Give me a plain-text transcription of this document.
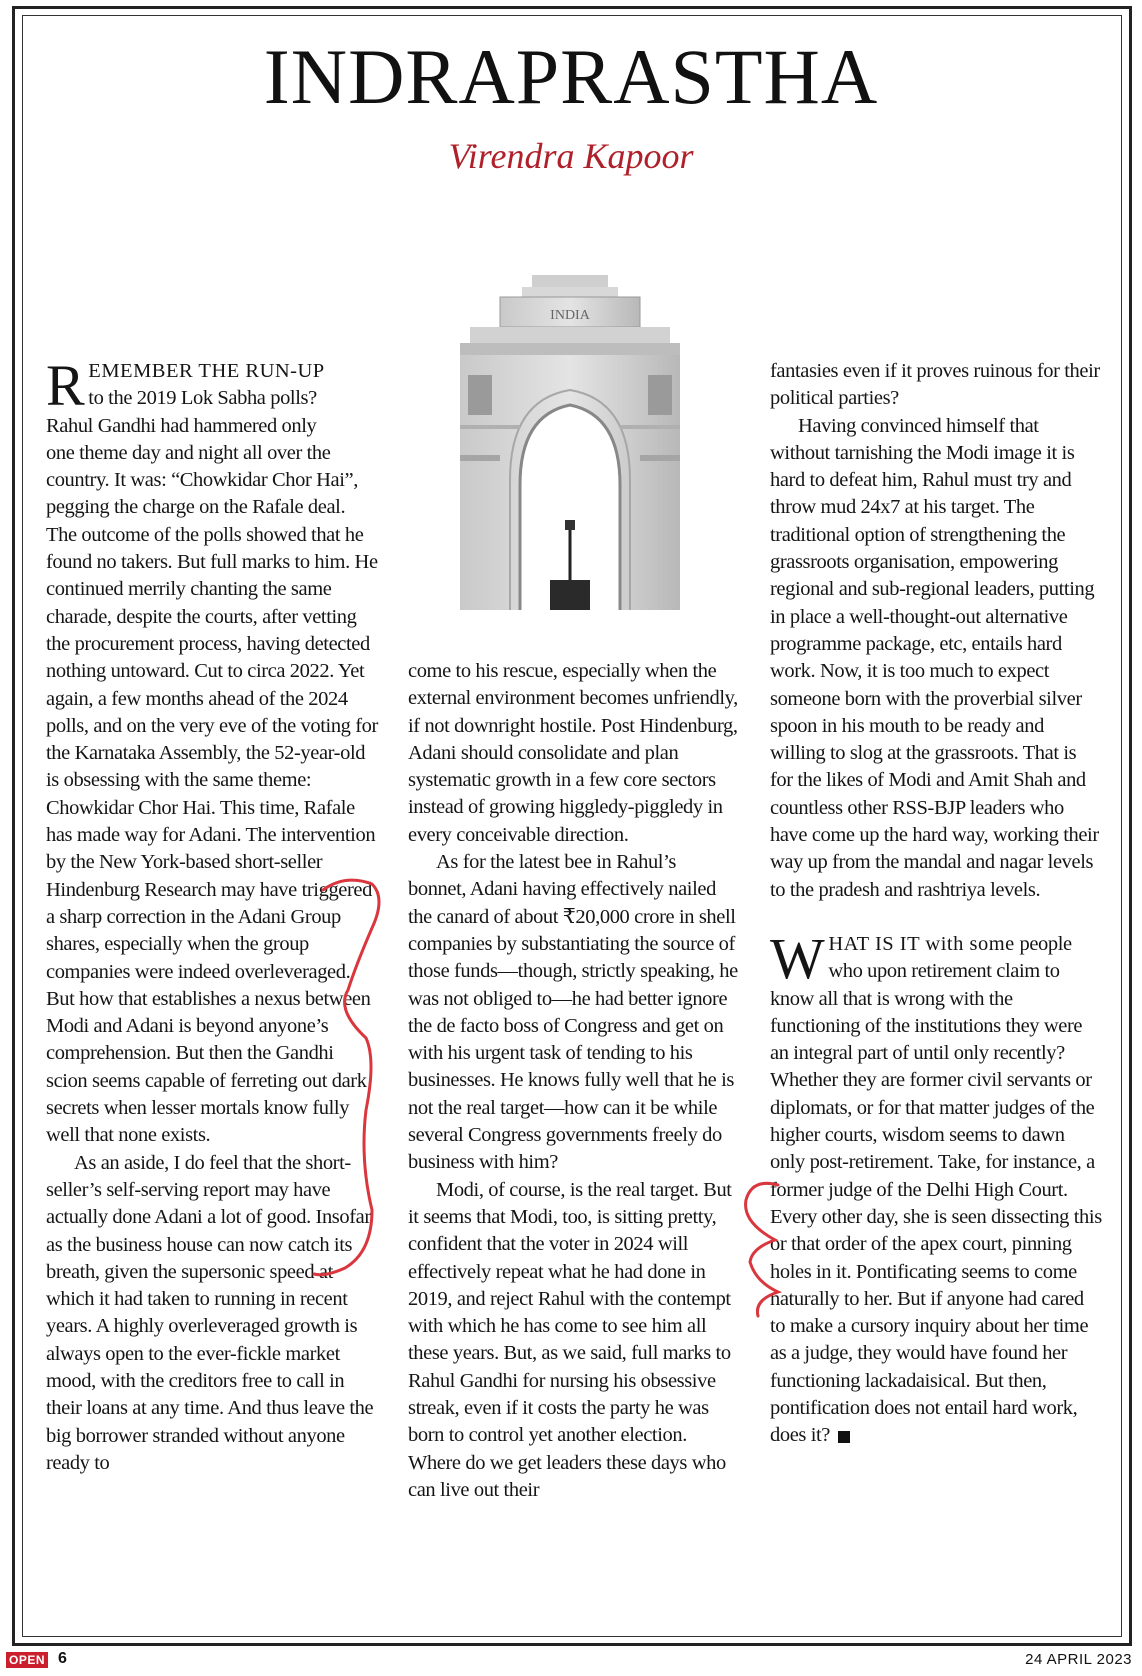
INDRAPRASTHA
Virendra Kapoor
INDIA

REMEMBER THE RUN-UP
to the 2019 Lok Sabha polls?
Rahul Gandhi had hammered only
one theme day and night all over the country. It was: “Chowkidar Chor Hai”, pegging the charge on the Rafale deal. The outcome of the polls showed that he found no takers. But full marks to him. He continued merrily chanting the same charade, despite the courts, after vetting the procurement process, having detected nothing untoward. Cut to circa 2022. Yet again, a few months ahead of the 2024 polls, and on the very eve of the voting for the Karnataka Assembly, the 52-year-old is obsessing with the same theme: Chowkidar Chor Hai. This time, Rafale has made way for Adani. The intervention by the New York-based short-seller Hindenburg Research may have triggered a sharp correction in the Adani Group shares, especially when the group companies were indeed overleveraged. But how that establishes a nexus between Modi and Adani is beyond anyone’s comprehension. But then the Gandhi scion seems capable of ferreting out dark secrets when lesser mortals know fully well that none exists.

As an aside, I do feel that the short-seller’s self-serving report may have actually done Adani a lot of good. Insofar as the business house can now catch its breath, given the supersonic speed at which it had taken to running in recent years. A highly overleveraged growth is always open to the ever-fickle market mood, with the creditors free to call in their loans at any time. And thus leave the big borrower stranded without anyone ready to

come to his rescue, especially when the external environment becomes unfriendly, if not downright hostile. Post Hindenburg, Adani should consolidate and plan systematic growth in a few core sectors instead of growing higgledy-piggledy in every conceivable direction.

As for the latest bee in Rahul’s bonnet, Adani having effectively nailed the canard of about ₹20,000 crore in shell companies by substantiating the source of those funds—though, strictly speaking, he was not obliged to—he had better ignore the de facto boss of Congress and get on with his urgent task of tending to his businesses. He knows fully well that he is not the real target—how can it be while several Congress governments freely do business with him?

Modi, of course, is the real target. But it seems that Modi, too, is sitting pretty, confident that the voter in 2024 will effectively repeat what he had done in 2019, and reject Rahul with the contempt with which he has come to see him all these years. But, as we said, full marks to Rahul Gandhi for nursing his obsessive streak, even if it costs the party he was born to control yet another election. Where do we get leaders these days who can live out their

fantasies even if it proves ruinous for their political parties?

Having convinced himself that without tarnishing the Modi image it is hard to defeat him, Rahul must try and throw mud 24x7 at his target. The traditional option of strengthening the grassroots organisation, empowering regional and sub-regional leaders, putting in place a well-thought-out alternative programme package, etc, entails hard work. Now, it is too much to expect someone born with the proverbial silver spoon in his mouth to be ready and willing to slog at the grassroots. That is for the likes of Modi and Amit Shah and countless other RSS-BJP leaders who have come up the hard way, working their way up from the mandal and nagar levels to the pradesh and rashtriya levels.

WHAT IS IT with some people who upon retirement claim to know all that is wrong with the functioning of the institutions they were an integral part of until only recently? Whether they are former civil servants or diplomats, or for that matter judges of the higher courts, wisdom seems to dawn only post-retirement. Take, for instance, a former judge of the Delhi High Court. Every other day, she is seen dissecting this or that order of the apex court, pinning holes in it. Pontificating seems to come naturally to her. But if anyone had cared to make a cursory inquiry about her time as a judge, they would have found her functioning lackadaisical. But then, pontification does not entail hard work, does it?

OPEN 6	24 APRIL 2023
